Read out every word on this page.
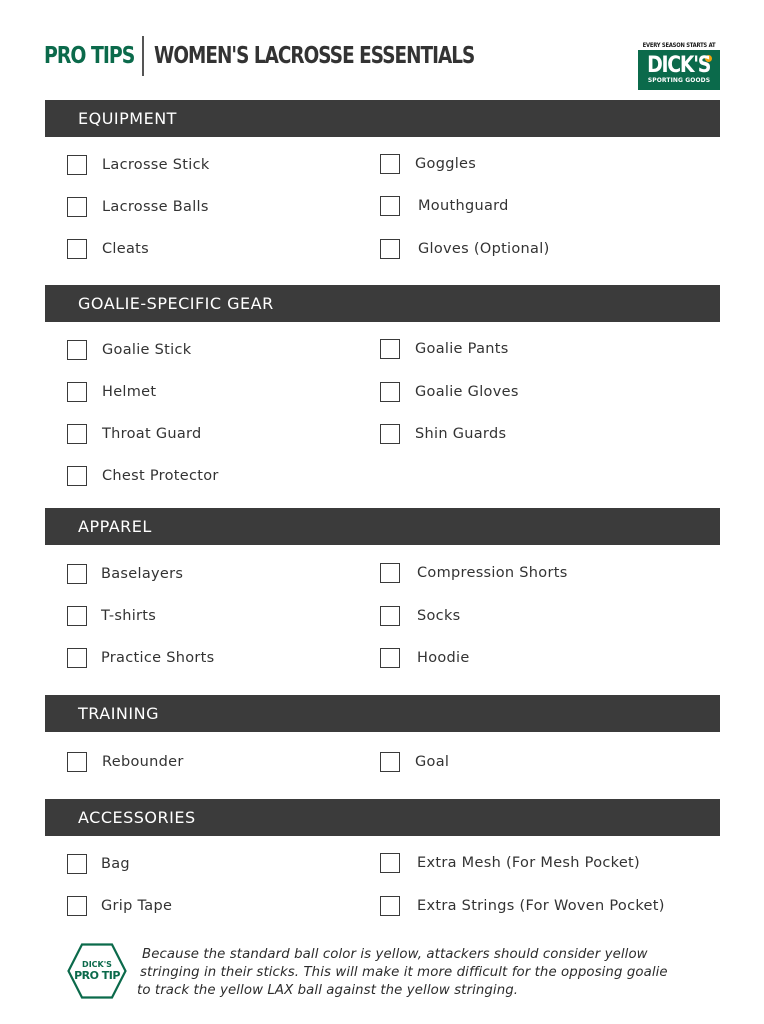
PRO TIPS WOMEN'S LACROSSE ESSENTIALS	EVERY SEASON STARTS AT
DICK'S
SPORTING GOODS
EQUIPMENT
Lacrosse Stick
Lacrosse Balls
Cleats
Goggles
Mouthguard
Gloves (Optional)
GOALIE-SPECIFIC GEAR
Goalie Stick
Helmet
Throat Guard
Chest Protector
Goalie Pants
Goalie Gloves
Shin Guards
APPAREL
Baselayers
T-shirts
Practice Shorts
Compression Shorts
Socks
Hoodie
TRAINING
Rebounder	Goal
ACCESSORIES
Bag
Grip Tape
Extra Mesh (For Mesh Pocket)
Extra Strings (For Woven Pocket)
DICK'S
PRO TIP
Because the standard ball color is yellow, attackers should consider yellow
stringing in their sticks. This will make it more difficult for the opposing goalie
to track the yellow LAX ball against the yellow stringing.
